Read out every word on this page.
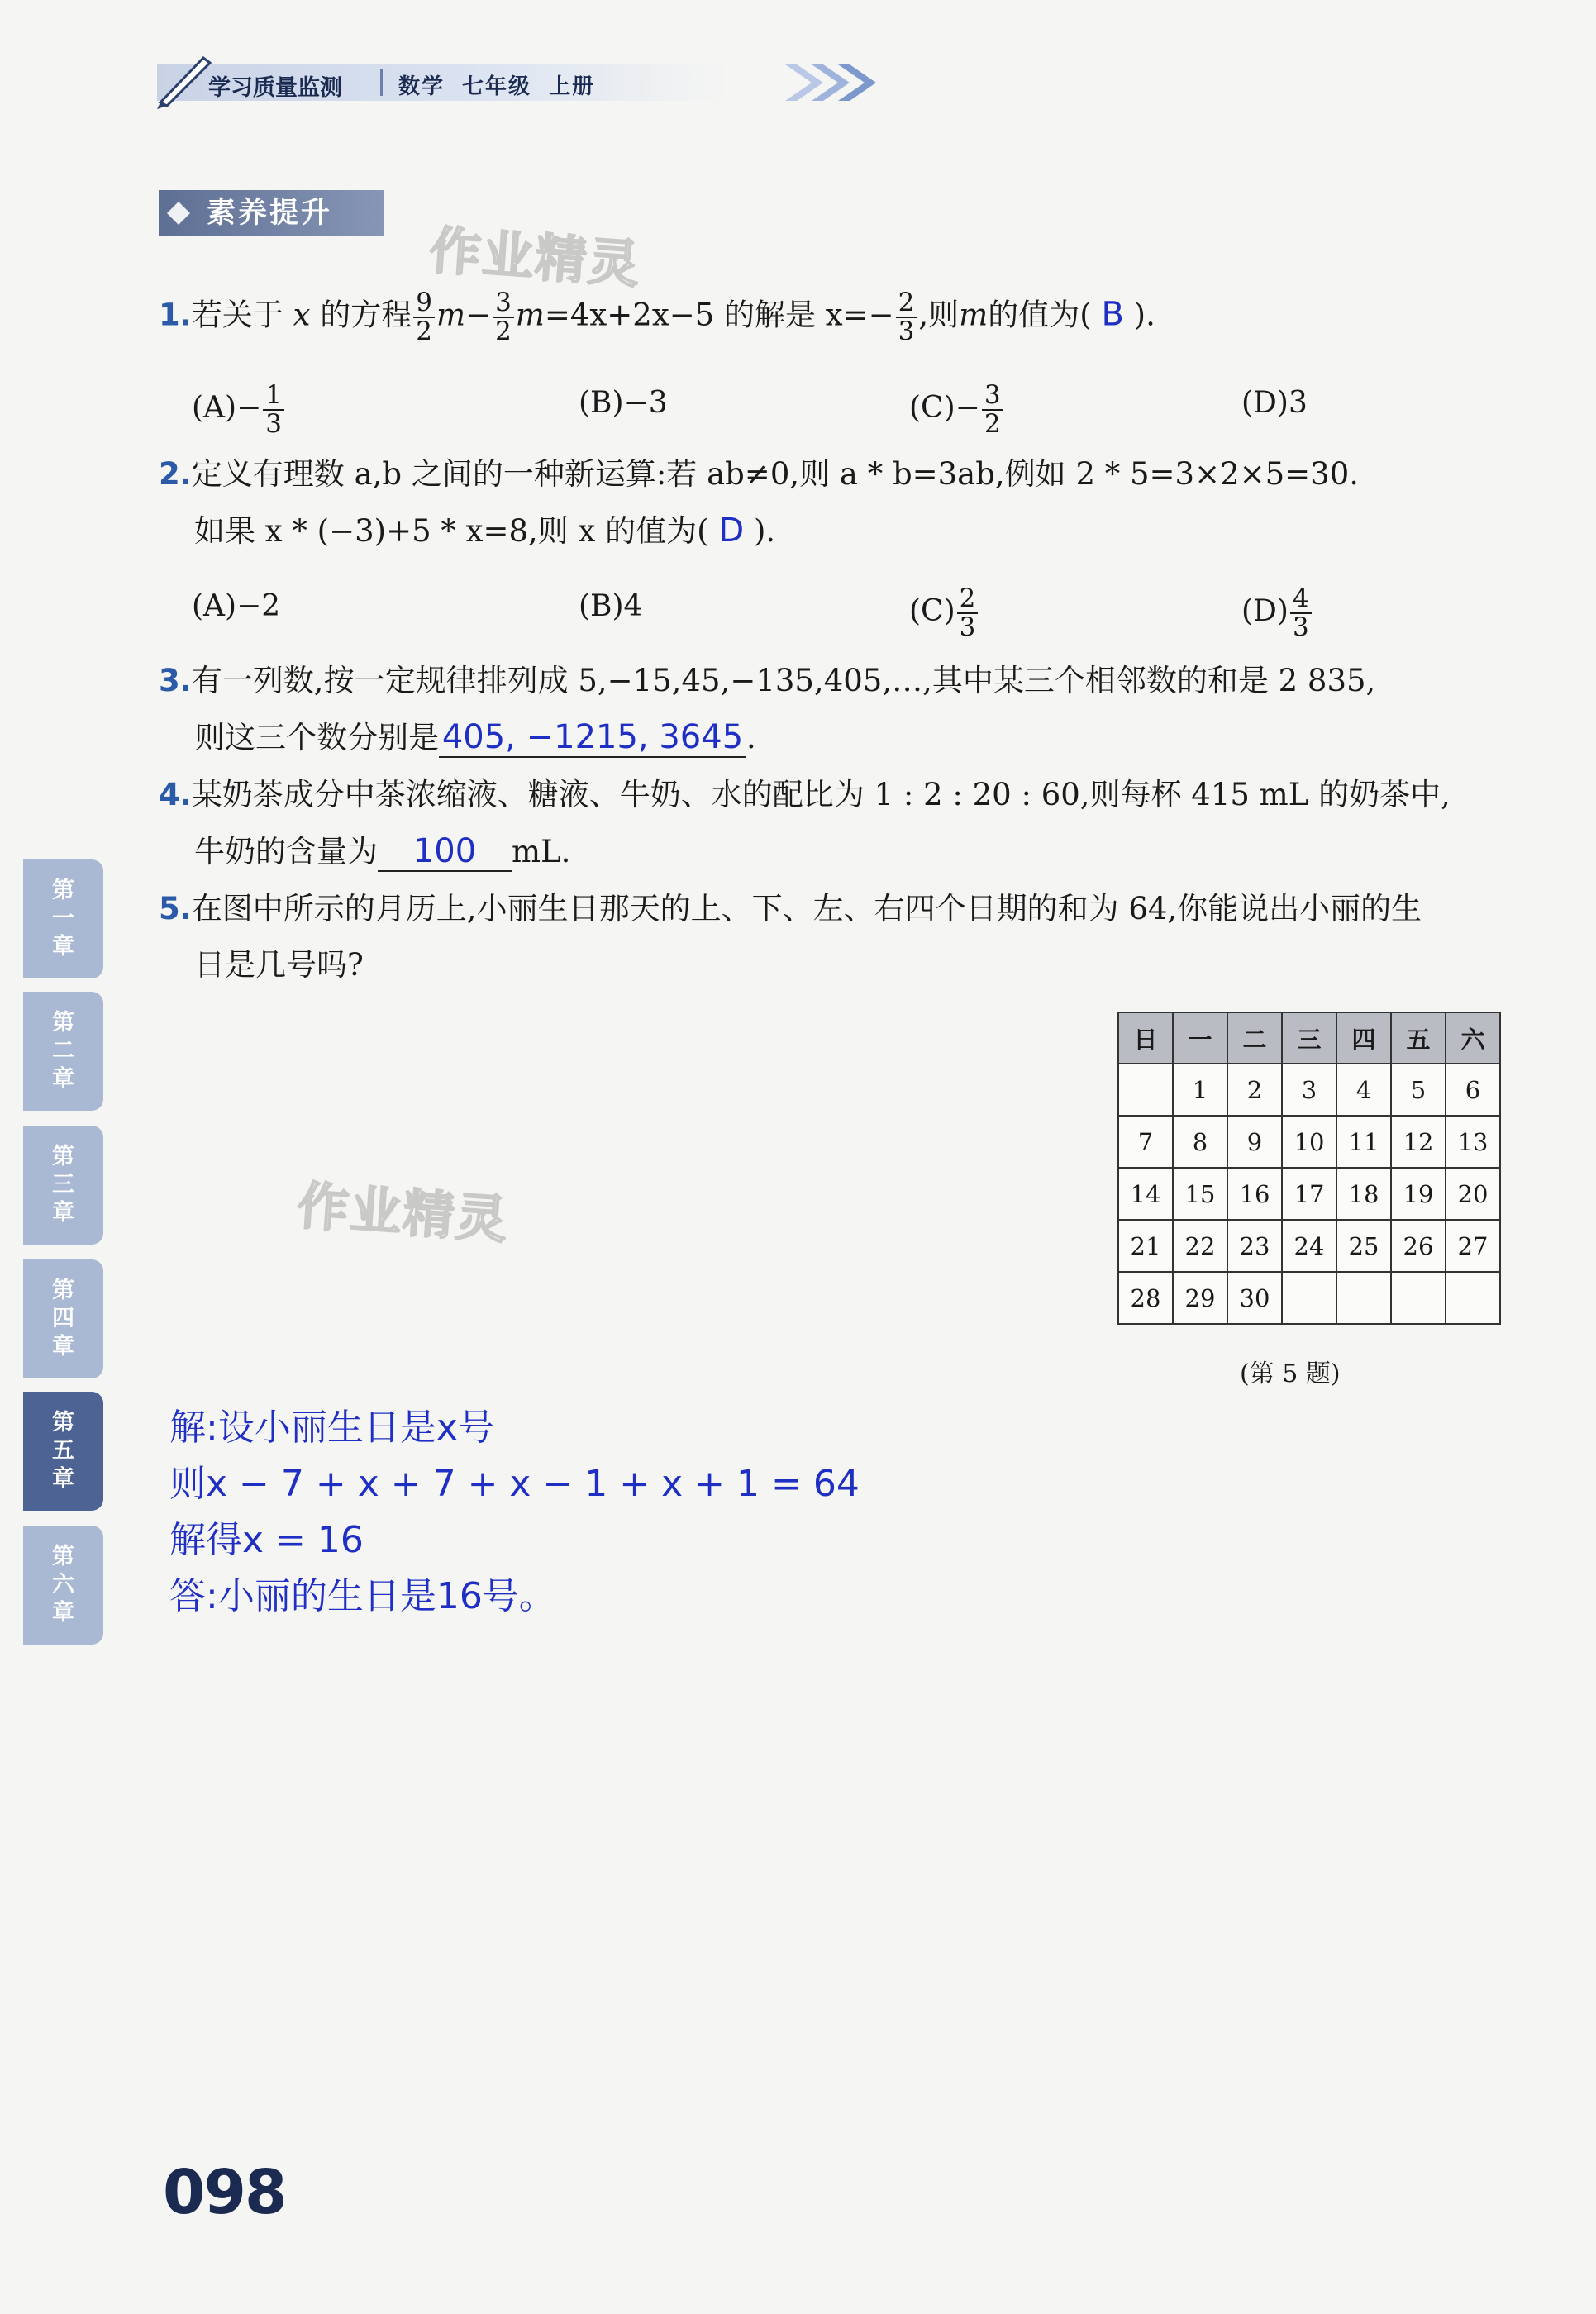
学习质量监测	数学 七年级 上册
素养提升
作业精灵
作业精灵
1.若关于 x 的方程 $\frac{9}{2} m- \frac{3}{2} m=4x+2x-5$ 的解是 $x=- \frac{2}{3}$ ,则m的值为( B ).
$(A)- \frac{1}{3}$	(B)−3	$(C)- \frac{3}{2}$	(D)3
2.定义有理数 a,b 之间的一种新运算:若 ab≠0,则 a * b=3ab,例如 2 * 5=3×2×5=30.
如果 x * (−3)+5 * x=8,则 x 的值为( D ).
(A)−2	(B)4	$(C) \frac{2}{3}$	$(D) \frac{4}{3}$
3.有一列数,按一定规律排列成 5,−15,45,−135,405,…,其中某三个相邻数的和是 2 835,
则这三个数分别是405, −1215, 3645 .
4.某奶茶成分中茶浓缩液、糖液、牛奶、水的配比为 1 : 2 : 20 : 60,则每杯 415 mL 的奶茶中,
牛奶的含量为 100 mL.
5.在图中所示的月历上,小丽生日那天的上、下、左、右四个日期的和为 64,你能说出小丽的生
日是几号吗?
日	一	二	三	四	五	六
	1	2	3	4	5	6
7	8	9	10	11	12	13
14	15	16	17	18	19	20
21	22	23	24	25	26	27
28	29	30				
(第 5 题)
解:设小丽生日是x号
则x − 7 + x + 7 + x − 1 + x + 1 = 64
解得x = 16
答:小丽的生日是16号。
第
一
章
第
二
章
第
三
章
第
四
章
第
五
章
第
六
章
098
